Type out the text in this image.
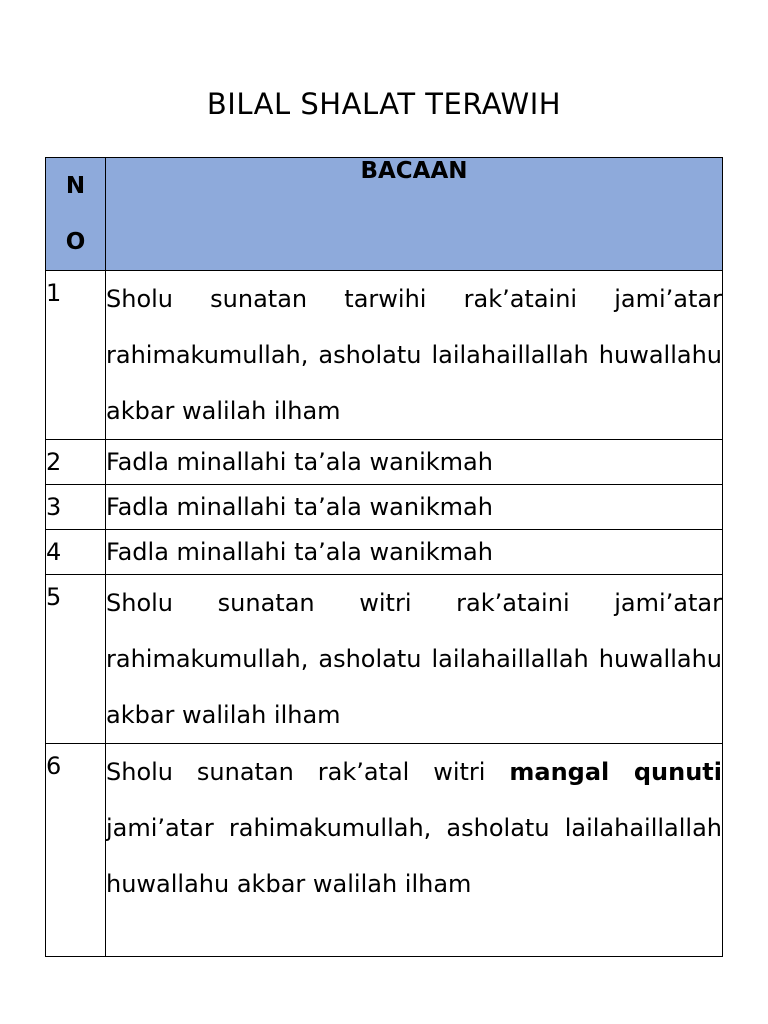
BILAL SHALAT TERAWIH
N
O	BACAAN
1	Sholu sunatan tarwihi rak’ataini jami’atar rahimakumullah, asholatu lailahaillallah huwallahu akbar walilah ilham
2	Fadla minallahi ta’ala wanikmah
3	Fadla minallahi ta’ala wanikmah
4	Fadla minallahi ta’ala wanikmah
5	Sholu sunatan witri rak’ataini jami’atar rahimakumullah, asholatu lailahaillallah huwallahu akbar walilah ilham
6	Sholu sunatan rak’atal witri mangal qunuti jami’atar rahimakumullah, asholatu lailahaillallah huwallahu akbar walilah ilham
